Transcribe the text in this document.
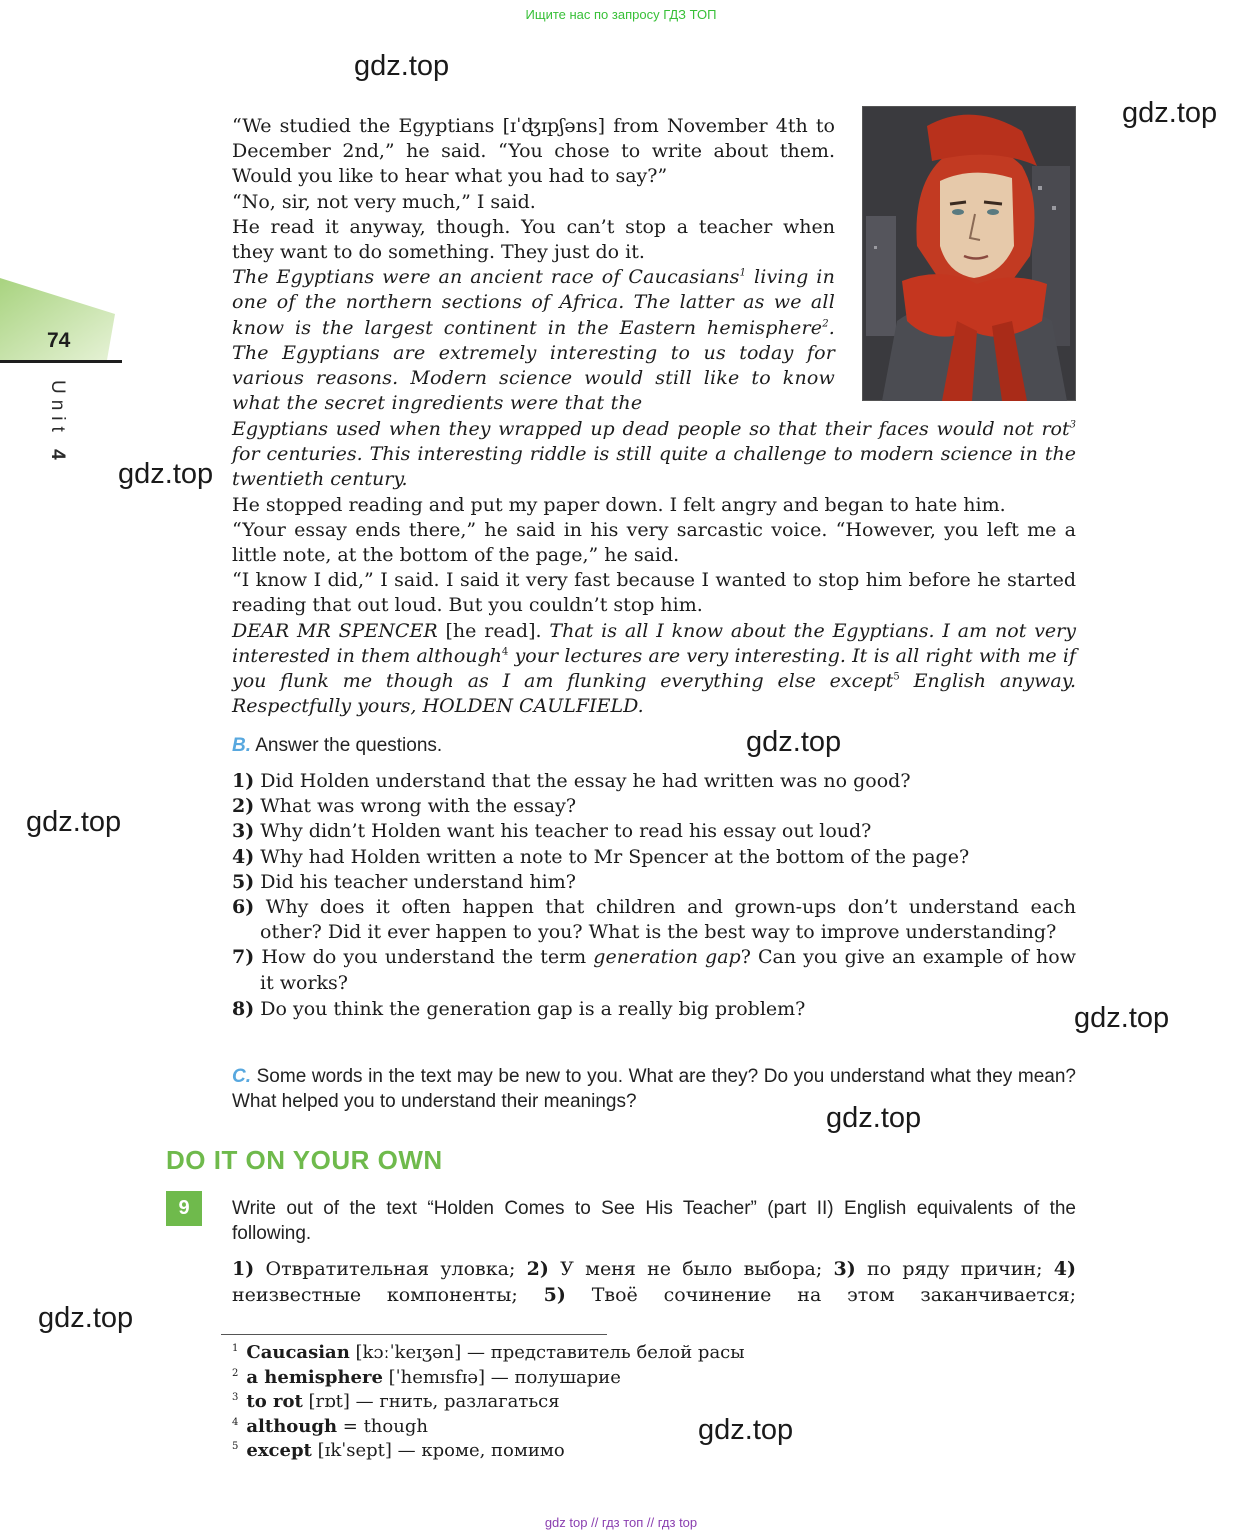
Ищите нас по запросу ГДЗ ТОП
gdz.top
gdz.top
gdz.top
gdz.top
gdz.top
gdz.top
gdz.top
gdz.top
gdz.top
74
Unit 4

“We studied the Egyptians [ɪˈʤɪpʃəns] from November 4th to December 2nd,” he said. “You chose to write about them. Would you like to hear what you had to say?”

“No, sir, not very much,” I said.

He read it anyway, though. You can’t stop a teacher when they want to do something. They just do it.

The Egyptians were an ancient race of Caucasians$^1$ living in one of the northern sections of Africa. The latter as we all know is the largest continent in the Eastern hemisphere$^2$. The Egyptians are extremely interesting to us today for various reasons. Modern science would still like to know what the secret ingredients were that the

Egyptians used when they wrapped up dead people so that their faces would not rot$^3$ for centuries. This interesting riddle is still quite a challenge to modern science in the twentieth century.

He stopped reading and put my paper down. I felt angry and began to hate him.

“Your essay ends there,” he said in his very sarcastic voice. “However, you left me a little note, at the bottom of the page,” he said.

“I know I did,” I said. I said it very fast because I wanted to stop him before he started reading that out loud. But you couldn’t stop him.

DEAR MR SPENCER [he read]. That is all I know about the Egyptians. I am not very interested in them although$^4$ your lectures are very interesting. It is all right with me if you flunk me though as I am flunking everything else except$^5$ English anyway. Respectfully yours, HOLDEN CAULFIELD.

B. Answer the questions.
1) Did Holden understand that the essay he had written was no good?
2) What was wrong with the essay?
3) Why didn’t Holden want his teacher to read his essay out loud?
4) Why had Holden written a note to Mr Spencer at the bottom of the page?
5) Did his teacher understand him?
6) Why does it often happen that children and grown-ups don’t understand each other? Did it ever happen to you? What is the best way to improve understanding?
7) How do you understand the term generation gap? Can you give an example of how it works?
8) Do you think the generation gap is a really big problem?
C. Some words in the text may be new to you. What are they? Do you understand what they mean? What helped you to understand their meanings?
DO IT ON YOUR OWN
9	Write out of the text “Holden Comes to See His Teacher” (part II) English equivalents of the following.
1) Отвратительная уловка; 2) У меня не было выбора; 3) по ряду причин; 4) неизвестные компоненты; 5) Твоё сочинение на этом заканчивается;
$^1$ Caucasian [kɔːˈkeɪʒən] — представитель белой расы
$^2$ a hemisphere [ˈhemɪsfɪə] — полушарие
$^3$ to rot [rɒt] — гнить, разлагаться
$^4$ although = though
$^5$ except [ɪkˈsept] — кроме, помимо
gdz top // гдз топ // гдз top
